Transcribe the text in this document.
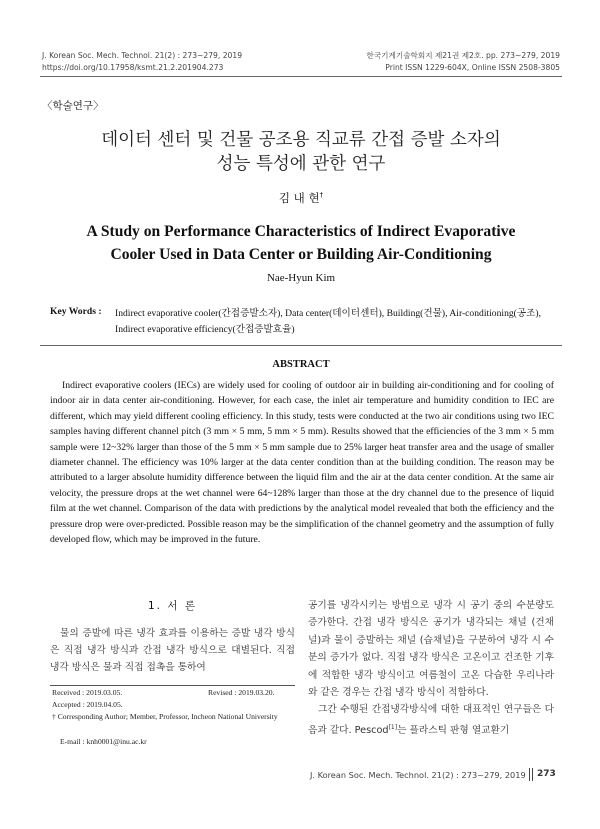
J. Korean Soc. Mech. Technol. 21(2) : 273~279, 2019
https://doi.org/10.17958/ksmt.21.2.201904.273
한국기계기술학회지 제21권 제2호. pp. 273~279, 2019
Print ISSN 1229-604X, Online ISSN 2508-3805
〈학술연구〉
데이터 센터 및 건물 공조용 직교류 간접 증발 소자의
성능 특성에 관한 연구
김 내 현†
A Study on Performance Characteristics of Indirect Evaporative
Cooler Used in Data Center or Building Air-Conditioning
Nae-Hyun Kim
Key Words : Indirect evaporative cooler(간접증발소자), Data center(데이터센터), Building(건물), Air-conditioning(공조), Indirect evaporative efficiency(간접증발효율)
ABSTRACT
Indirect evaporative coolers (IECs) are widely used for cooling of outdoor air in building air-conditioning and for cooling of indoor air in data center air-conditioning. However, for each case, the inlet air temperature and humidity condition to IEC are different, which may yield different cooling efficiency. In this study, tests were conducted at the two air conditions using two IEC samples having different channel pitch (3 mm × 5 mm, 5 mm × 5 mm). Results showed that the efficiencies of the 3 mm × 5 mm sample were 12~32% larger than those of the 5 mm × 5 mm sample due to 25% larger heat transfer area and the usage of smaller diameter channel. The efficiency was 10% larger at the data center condition than at the building condition. The reason may be attributed to a larger absolute humidity difference between the liquid film and the air at the data center condition. At the same air velocity, the pressure drops at the wet channel were 64~128% larger than those at the dry channel due to the presence of liquid film at the wet channel. Comparison of the data with predictions by the analytical model revealed that both the efficiency and the pressure drop were over-predicted. Possible reason may be the simplification of the channel geometry and the assumption of fully developed flow, which may be improved in the future.
1. 서 론
물의 증발에 따른 냉각 효과를 이용하는 증발 냉각 방식은 직접 냉각 방식과 간접 냉각 방식으로 대별된다. 직접 냉각 방식은 물과 직접 접촉을 통하여
Received : 2019.03.05.	Revised : 2019.03.20.
Accepted : 2019.04.05.
† Corresponding Author; Member, Professor, Incheon National University
E-mail : knh0001@inu.ac.kr

공기를 냉각시키는 방법으로 냉각 시 공기 중의 수분량도 증가한다. 간접 냉각 방식은 공기가 냉각되는 채널 (건채널)과 물이 증발하는 채널 (습채널)을 구분하여 냉각 시 수분의 증가가 없다. 직접 냉각 방식은 고온이고 건조한 기후에 적합한 냉각 방식이고 여름철이 고온 다습한 우리나라와 같은 경우는 간접 냉각 방식이 적합하다.

그간 수행된 간접냉각방식에 대한 대표적인 연구들은 다음과 같다. Pescod[1]는 플라스틱 판형 열교환기

J. Korean Soc. Mech. Technol. 21(2) : 273~279, 2019 273
